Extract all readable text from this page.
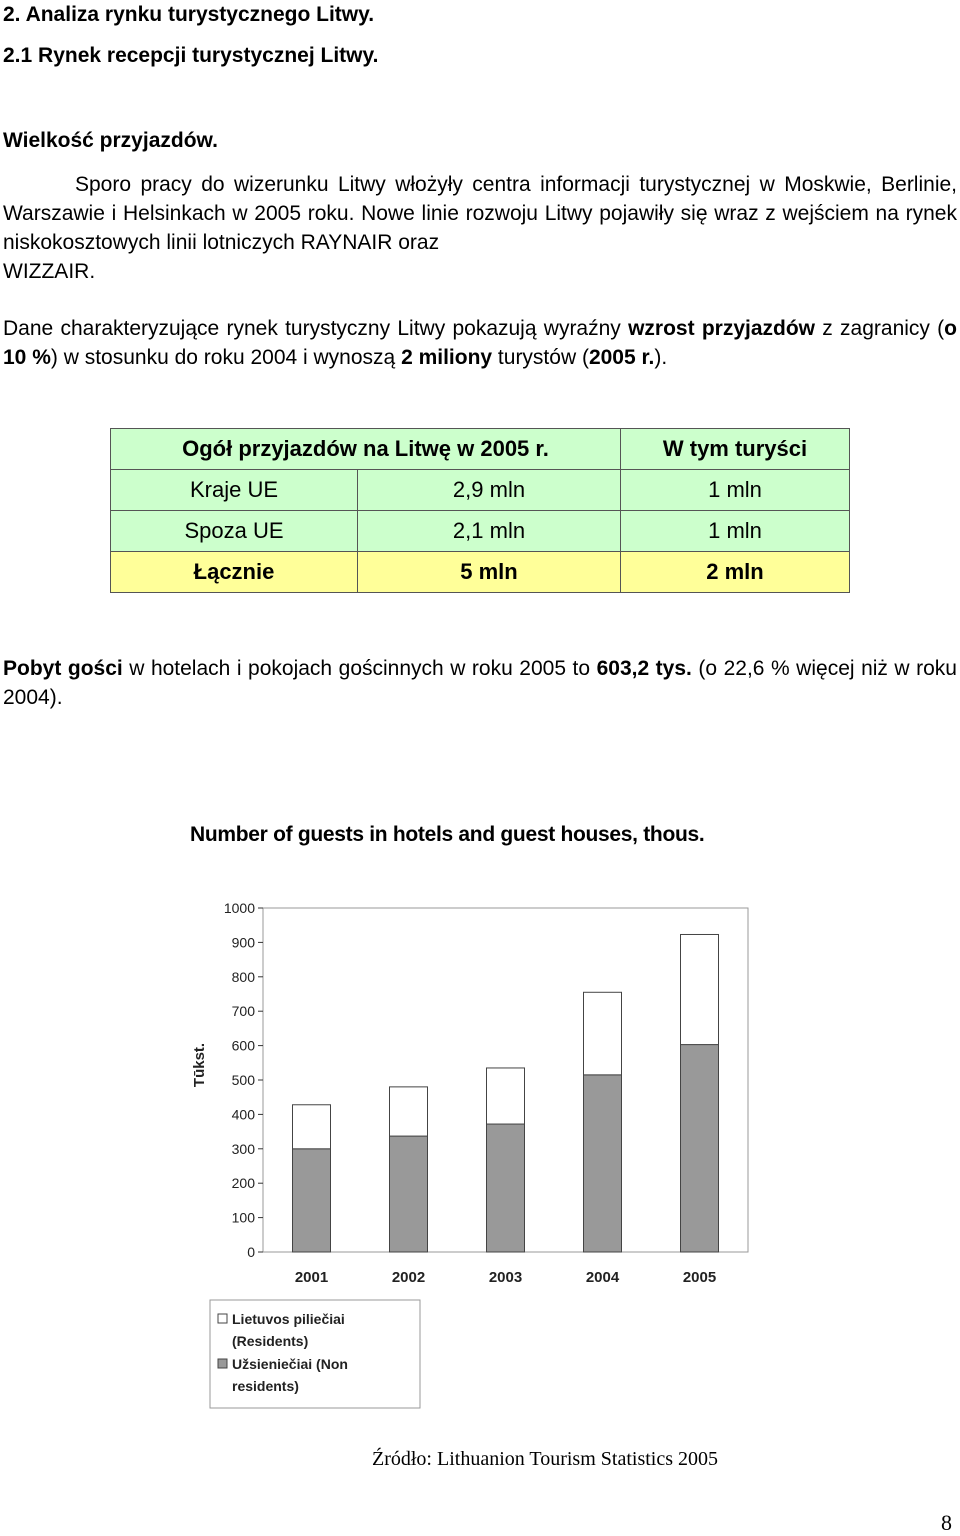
2. Analiza rynku turystycznego Litwy.
2.1 Rynek recepcji turystycznej Litwy.
Wielkość przyjazdów.
Sporo pracy do wizerunku Litwy włożyły centra informacji turystycznej w Moskwie, Berlinie, Warszawie i Helsinkach w 2005 roku. Nowe linie rozwoju Litwy pojawiły się wraz z wejściem na rynek niskokosztowych linii lotniczych RAYNAIR oraz
WIZZAIR.
Dane charakteryzujące rynek turystyczny Litwy pokazują wyraźny wzrost przyjazdów z zagranicy (o 10 %) w stosunku do roku 2004 i wynoszą 2 miliony turystów (2005 r.).
Ogół przyjazdów na Litwę w 2005 r.		W tym turyści
Kraje UE	2,9 mln	1 mln
Spoza UE	2,1 mln	1 mln
Łącznie	5 mln	2 mln
Pobyt gości w hotelach i pokojach gościnnych w roku 2005 to 603,2 tys. (o 22,6 % więcej niż w roku 2004).
Number of guests in hotels and guest houses, thous.
0
100
200
300
400
500
600
700
800
900
1000
Tūkst.
2001	2002	2003	2004	2005
Lietuvos piliečiai
(Residents)
Užsieniečiai (Non
residents)
Źródło: Lithuanion Tourism Statistics 2005
8
